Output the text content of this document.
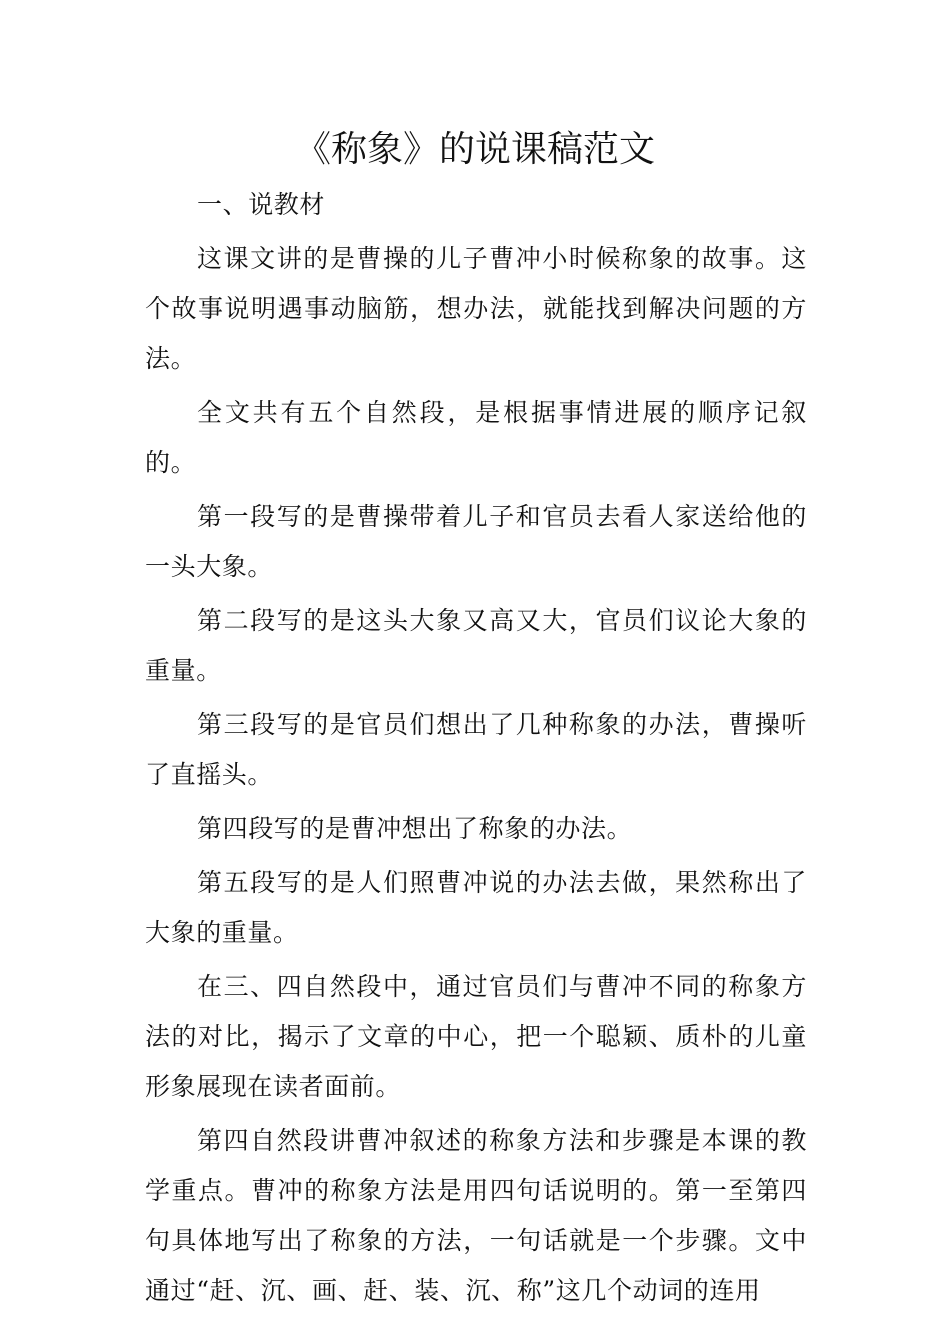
《称象》的说课稿范文

一、说教材

这课文讲的是曹操的儿子曹冲小时候称象的故事。这个故事说明遇事动脑筋，想办法，就能找到解决问题的方法。

全文共有五个自然段，是根据事情进展的顺序记叙的。

第一段写的是曹操带着儿子和官员去看人家送给他的一头大象。

第二段写的是这头大象又高又大，官员们议论大象的重量。

第三段写的是官员们想出了几种称象的办法，曹操听了直摇头。

第四段写的是曹冲想出了称象的办法。

第五段写的是人们照曹冲说的办法去做，果然称出了大象的重量。

在三、四自然段中，通过官员们与曹冲不同的称象方法的对比，揭示了文章的中心，把一个聪颖、质朴的儿童形象展现在读者面前。

第四自然段讲曹冲叙述的称象方法和步骤是本课的教学重点。曹冲的称象方法是用四句话说明的。第一至第四句具体地写出了称象的方法，一句话就是一个步骤。文中通过“赶、沉、画、赶、装、沉、称”这几个动词的连用
